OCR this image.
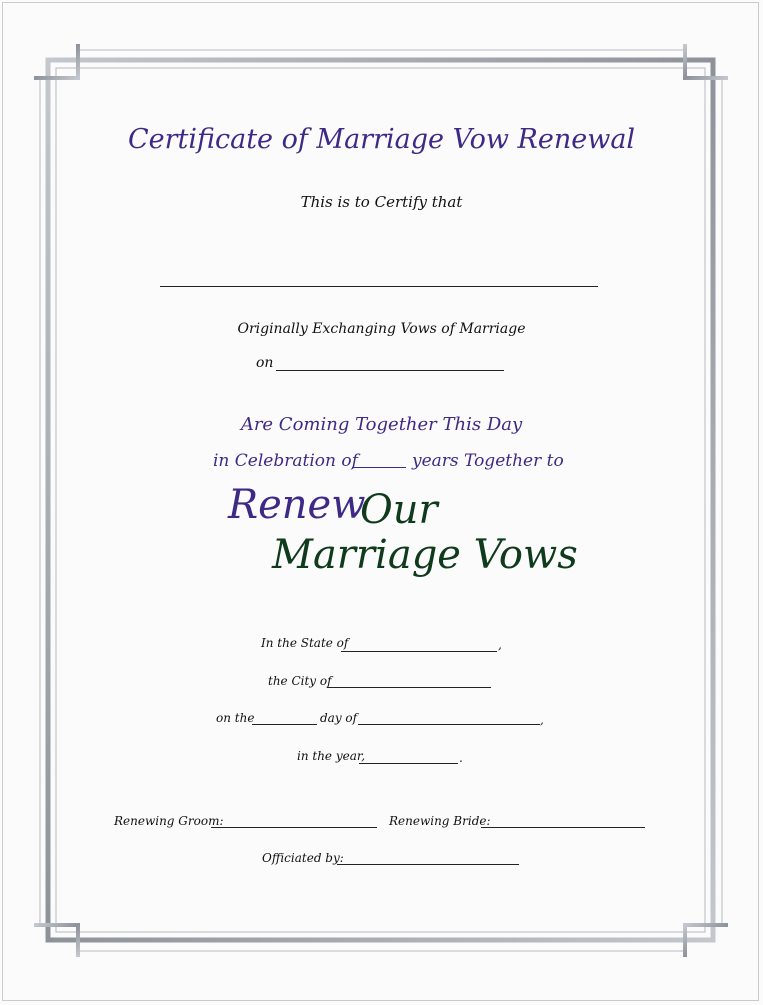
Certificate of Marriage Vow Renewal
This is to Certify that
Originally Exchanging Vows of Marriage
on
Are Coming Together This Day
in Celebration of	years Together to
Renew
Our
Marriage Vows
In the State of	,
the City of
on the	day of	,
in the year,	.
Renewing Groom:	Renewing Bride:
Officiated by:
